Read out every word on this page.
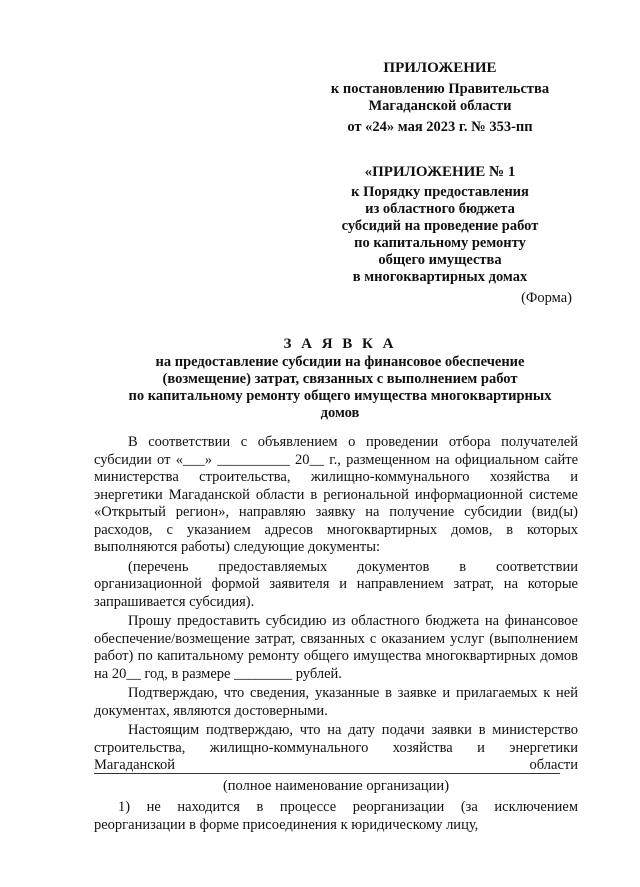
ПРИЛОЖЕНИЕ
к постановлению Правительства
Магаданской области
от «24» мая 2023 г. № 353-пп
«ПРИЛОЖЕНИЕ № 1
к Порядку предоставления
из областного бюджета
субсидий на проведение работ
по капитальному ремонту
общего имущества
в многоквартирных домах
(Форма)
З А Я В К А
на предоставление субсидии на финансовое обеспечение
(возмещение) затрат, связанных с выполнением работ
по капитальному ремонту общего имущества многоквартирных
домов

В соответствии с объявлением о проведении отбора получателей субсидии от «___» __________ 20__ г., размещенном на официальном сайте министерства строительства, жилищно-коммунального хозяйства и энергетики Магаданской области в региональной информационной системе «Открытый регион», направляю заявку на получение субсидии (вид(ы) расходов, с указанием адресов многоквартирных домов, в которых выполняются работы) следующие документы:

(перечень предоставляемых документов в соответствии организационной формой заявителя и направлением затрат, на которые запрашивается субсидия).

Прошу предоставить субсидию из областного бюджета на финансовое обеспечение/возмещение затрат, связанных с оказанием услуг (выполнением работ) по капитальному ремонту общего имущества многоквартирных домов на 20__ год, в размере ________ рублей.

Подтверждаю, что сведения, указанные в заявке и прилагаемых к ней документах, являются достоверными.

Настоящим подтверждаю, что на дату подачи заявки в министерство строительства, жилищно-коммунального хозяйства и энергетики Магаданской области

(полное наименование организации)

1) не находится в процессе реорганизации (за исключением реорганизации в форме присоединения к юридическому лицу,
